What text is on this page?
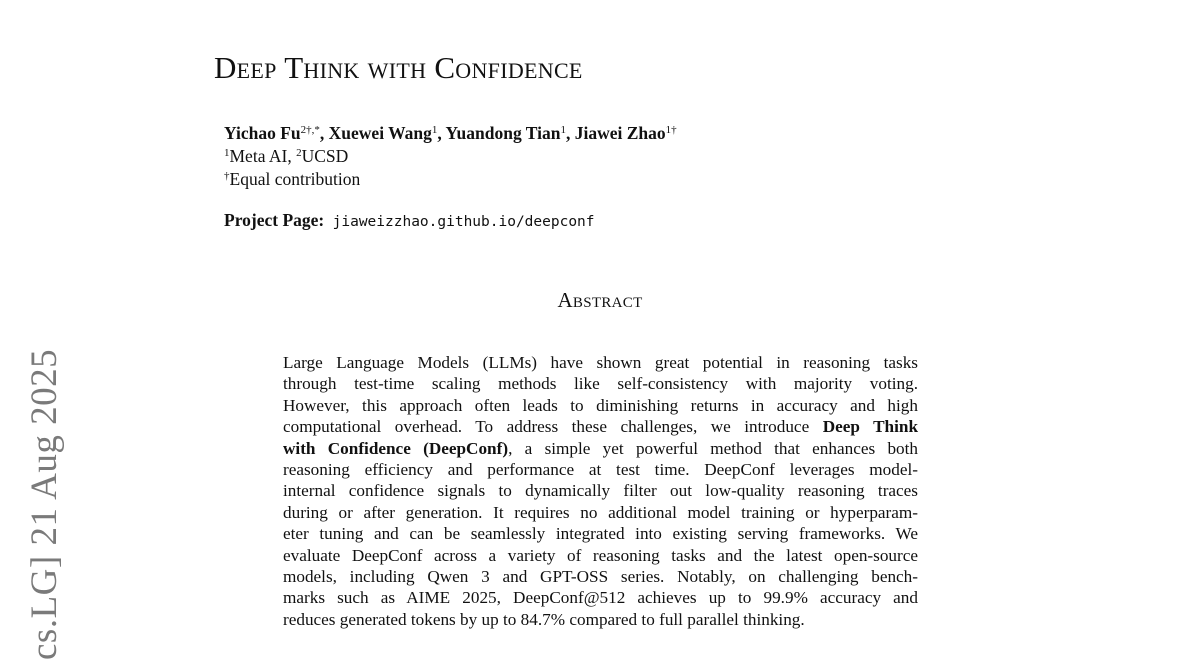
Deep Think with Confidence
Yichao $Fu^{2\dagger,*}$, Xuewei Wang$^1$, Yuandong Tian$^1$, Jiawei Zhao$^{1\dagger}$
$^1$Meta AI, $^2$UCSD
†Equal contribution
Project Page: jiaweizzhao.github.io/deepconf
Abstract
Large Language Models (LLMs) have shown great potential in reasoning tasks
through test-time scaling methods like self-consistency with majority voting.
However, this approach often leads to diminishing returns in accuracy and high
computational overhead. To address these challenges, we introduce Deep Think
with Confidence (DeepConf), a simple yet powerful method that enhances both
reasoning efficiency and performance at test time. DeepConf leverages model-
internal confidence signals to dynamically filter out low-quality reasoning traces
during or after generation. It requires no additional model training or hyperparam-
eter tuning and can be seamlessly integrated into existing serving frameworks. We
evaluate DeepConf across a variety of reasoning tasks and the latest open-source
models, including Qwen 3 and GPT-OSS series. Notably, on challenging bench-
marks such as AIME 2025, DeepConf@512 achieves up to 99.9% accuracy and
reduces generated tokens by up to 84.7% compared to full parallel thinking.
cs.LG] 21 Aug 2025
